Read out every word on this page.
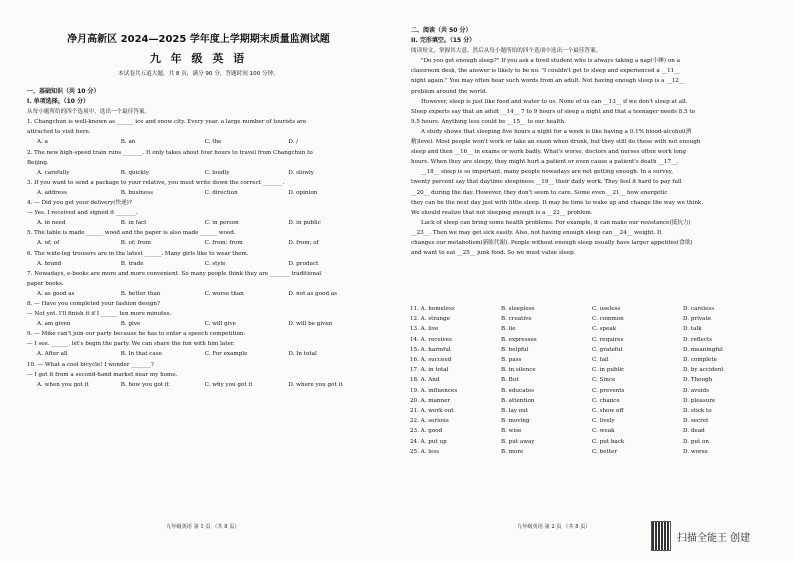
净月高新区 2024—2025 学年度上学期期末质量监测试题
九 年 级 英 语
本试卷共五道大题，共 8 页，满分 90 分，答题时间 100 分钟。
一、基础知识（共 10 分）
I. 单项选择。（10 分）
从每小题所给的四个选项中，选出一个最佳答案。
1. Changchun is well-known as ______ ice and snow city. Every year, a large number of tourists are
attracted to visit here.
A. a	B. an	C. the	D. /
2. The new high-speed train runs _______. It only takes about four hours to travel from Changchun to
Beijing.
A. carefully	B. quickly	C. loudly	D. slowly
3. If you want to send a package to your relative, you must write down the correct _______.
A. address	B. business	C. direction	D. opinion
4. — Did you get your delivery(快递)?
— Yes. I received and signed it _______.
A. in need	B. in fact	C. in person	D. in public
5. The table is made ______ wood and the paper is also made ______ wood.
A. of; of	B. of; from	C. from; from	D. from; of
6. The wide-leg trousers are in the latest ______. Many girls like to wear them.
A. brand	B. trade	C. style	D. product
7. Nowadays, e-books are more and more convenient. So many people think they are _______ traditional
paper books.
A. as good as	B. better than	C. worse than	D. not as good as
8. — Have you completed your fashion design?
— Not yet. I'll finish it if I ______ ten more minutes.
A. am given	B. give	C. will give	D. will be given
9. — Mike can't join our party because he has to enter a speech competition.
— I see. ______, let's begin the party. We can share the fun with him later.
A. After all	B. In that case	C. For example	D. In total
10. — What a cool bicycle! I wonder _______?
— I got it from a second-hand market near my home.
A. when you got it	B. how you got it	C. why you got it	D. where you got it
九年级英语 第 1 页 （共 8 页）
二、阅读（共 50 分）
II. 完形填空。（15 分）
阅读短文，掌握其大意，然后从每小题所给的四个选项中选出一个最佳答案。
"Do you get enough sleep?" If you ask a tired student who is always taking a nap(小睡) on a
classroom desk, the answer is likely to be no. "I couldn't get to sleep and experienced a __11__
night again." You may often hear such words from an adult. Not having enough sleep is a __12__
problem around the world.
However, sleep is just like food and water to us. None of us can __13__ if we don't sleep at all.
Sleep experts say that an adult __14__ 7 to 9 hours of sleep a night and that a teenager needs 8.5 to
9.5 hours. Anything less could be __15__ to our health.
A study shows that sleeping five hours a night for a week is like having a 0.1% blood-alcohol(酒
精)level. Most people won't work or take an exam when drunk, but they still do these with not enough
sleep and then __16__ in exams or work badly. What's worse, doctors and nurses often work long
hours. When they are sleepy, they might hurt a patient or even cause a patient's death __17__.
__18__ sleep is so important, many people nowadays are not getting enough. In a survey,
twenty percent say that daytime sleepiness __19__ their daily work. They feel it hard to pay full
__20__ during the day. However, they don't seem to care. Some even __21__ how energetic
they can be the next day just with little sleep. It may be time to wake up and change the way we think.
We should realize that not sleeping enough is a __22__ problem.
Lack of sleep can bring some health problems. For example, it can make our resistance(抵抗力)
__23__. Then we may get sick easily. Also, not having enough sleep can __24__ weight. It
changes our metabolism(新陈代谢). People without enough sleep usually have larger appetites(食欲)
and want to eat __25__ junk food. So we must value sleep.
九年级英语 第 2 页 （共 8 页）
11. A. homeless	B. sleepless	C. useless	D. careless
12. A. strange	B. creative	C. common	D. private
13. A. live	B. lie	C. speak	D. talk
14. A. receives	B. expresses	C. requires	D. reflects
15. A. harmful	B. helpful	C. grateful	D. meaningful
16. A. succeed	B. pass	C. fail	D. complete
17. A. in total	B. in silence	C. in public	D. by accident
18. A. And	B. But	C. Since	D. Though
19. A. influences	B. educates	C. prevents	D. avoids
20. A. manner	B. attention	C. chance	D. pleasure
21. A. work out	B. lay out	C. show off	D. stick to
22. A. serious	B. moving	C. lively	D. secret
23. A. good	B. wise	C. weak	D. dead
24. A. put up	B. put away	C. put back	D. put on
25. A. less	B. more	C. better	D. worse
扫描全能王 创建
